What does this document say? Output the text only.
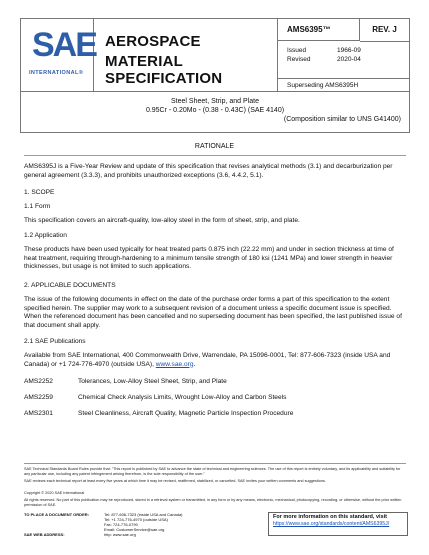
SAE
INTERNATIONAL®
AEROSPACE
MATERIAL SPECIFICATION
AMS6395™	REV. J
Issued	1966-09
Revised	2020-04
Superseding AMS6395H
Steel Sheet, Strip, and Plate
0.95Cr - 0.20Mo - (0.38 - 0.43C) (SAE 4140)
(Composition similar to UNS G41400)
RATIONALE
AMS6395J is a Five-Year Review and update of this specification that revises analytical methods (3.1) and decarburization per general agreement (3.3.3), and prohibits unauthorized exceptions (3.6, 4.4.2, 5.1).
1. SCOPE
1.1 Form
This specification covers an aircraft-quality, low-alloy steel in the form of sheet, strip, and plate.
1.2 Application
These products have been used typically for heat treated parts 0.875 inch (22.22 mm) and under in section thickness at time of heat treatment, requiring through-hardening to a minimum tensile strength of 180 ksi (1241 MPa) and lower strength in heavier thicknesses, but usage is not limited to such applications.
2. APPLICABLE DOCUMENTS
The issue of the following documents in effect on the date of the purchase order forms a part of this specification to the extent specified herein. The supplier may work to a subsequent revision of a document unless a specific document issue is specified. When the referenced document has been cancelled and no superseding document has been specified, the last published issue of that document shall apply.
2.1 SAE Publications
Available from SAE International, 400 Commonwealth Drive, Warrendale, PA 15096-0001, Tel: 877-606-7323 (inside USA and Canada) or +1 724-776-4970 (outside USA), www.sae.org.
AMS2252	Tolerances, Low-Alloy Steel Sheet, Strip, and Plate
AMS2259	Chemical Check Analysis Limits, Wrought Low-Alloy and Carbon Steels
AMS2301	Steel Cleanliness, Aircraft Quality, Magnetic Particle Inspection Procedure
SAE Technical Standards Board Rules provide that: "This report is published by SAE to advance the state of technical and engineering sciences. The use of this report is entirely voluntary, and its applicability and suitability for any particular use, including any patent infringement arising therefrom, is the sole responsibility of the user."
SAE reviews each technical report at least every five years at which time it may be revised, reaffirmed, stabilized, or cancelled. SAE invites your written comments and suggestions.
Copyright © 2020 SAE International
All rights reserved. No part of this publication may be reproduced, stored in a retrieval system or transmitted, in any form or by any means, electronic, mechanical, photocopying, recording, or otherwise, without the prior written permission of SAE.
TO PLACE A DOCUMENT ORDER:	Tel: 877-606-7323 (inside USA and Canada)
Tel: +1 724-776-4970 (outside USA)
Fax: 724-776-0790
Email: CustomerService@sae.org
SAE WEB ADDRESS:	http: www.sae.org
For more information on this standard, visit
https://www.sae.org/standards/content/AMS6395J/
